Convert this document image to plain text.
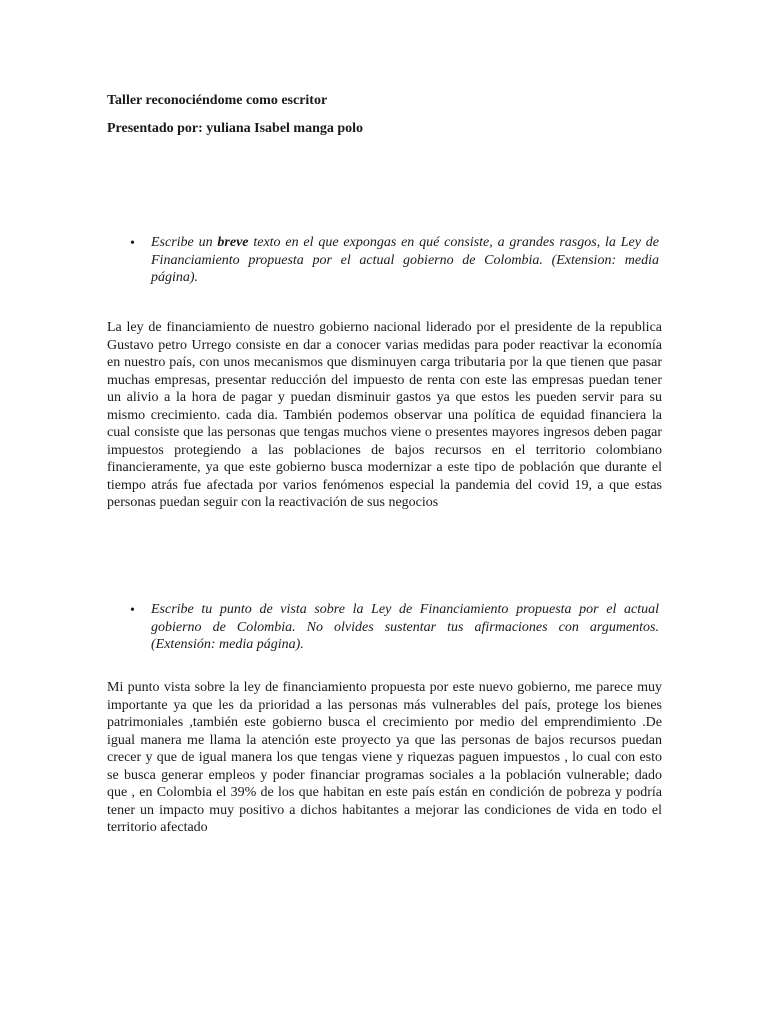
Taller reconociéndome como escritor
Presentado por: yuliana Isabel manga polo
• Escribe un breve texto en el que expongas en qué consiste, a grandes rasgos, la Ley de Financiamiento propuesta por el actual gobierno de Colombia. (Extension: media página).
La ley de financiamiento de nuestro gobierno nacional liderado por el presidente de la republica Gustavo petro Urrego consiste en dar a conocer varias medidas para poder reactivar la economía en nuestro país, con unos mecanismos que disminuyen carga tributaria por la que tienen que pasar muchas empresas, presentar reducción del impuesto de renta con este las empresas puedan tener un alivio a la hora de pagar y puedan disminuir gastos ya que estos les pueden servir para su mismo crecimiento. cada dia. También podemos observar una política de equidad financiera la cual consiste que las personas que tengas muchos viene o presentes mayores ingresos deben pagar impuestos protegiendo a las poblaciones de bajos recursos en el territorio colombiano financieramente, ya que este gobierno busca modernizar a este tipo de población que durante el tiempo atrás fue afectada por varios fenómenos especial la pandemia del covid 19, a que estas personas puedan seguir con la reactivación de sus negocios
• Escribe tu punto de vista sobre la Ley de Financiamiento propuesta por el actual gobierno de Colombia. No olvides sustentar tus afirmaciones con argumentos. (Extensión: media página).
Mi punto vista sobre la ley de financiamiento propuesta por este nuevo gobierno, me parece muy importante ya que les da prioridad a las personas más vulnerables del país, protege los bienes patrimoniales ,también este gobierno busca el crecimiento por medio del emprendimiento .De igual manera me llama la atención este proyecto ya que las personas de bajos recursos puedan crecer y que de igual manera los que tengas viene y riquezas paguen impuestos , lo cual con esto se busca generar empleos y poder financiar programas sociales a la población vulnerable; dado que , en Colombia el 39% de los que habitan en este país están en condición de pobreza y podría tener un impacto muy positivo a dichos habitantes a mejorar las condiciones de vida en todo el territorio afectado
